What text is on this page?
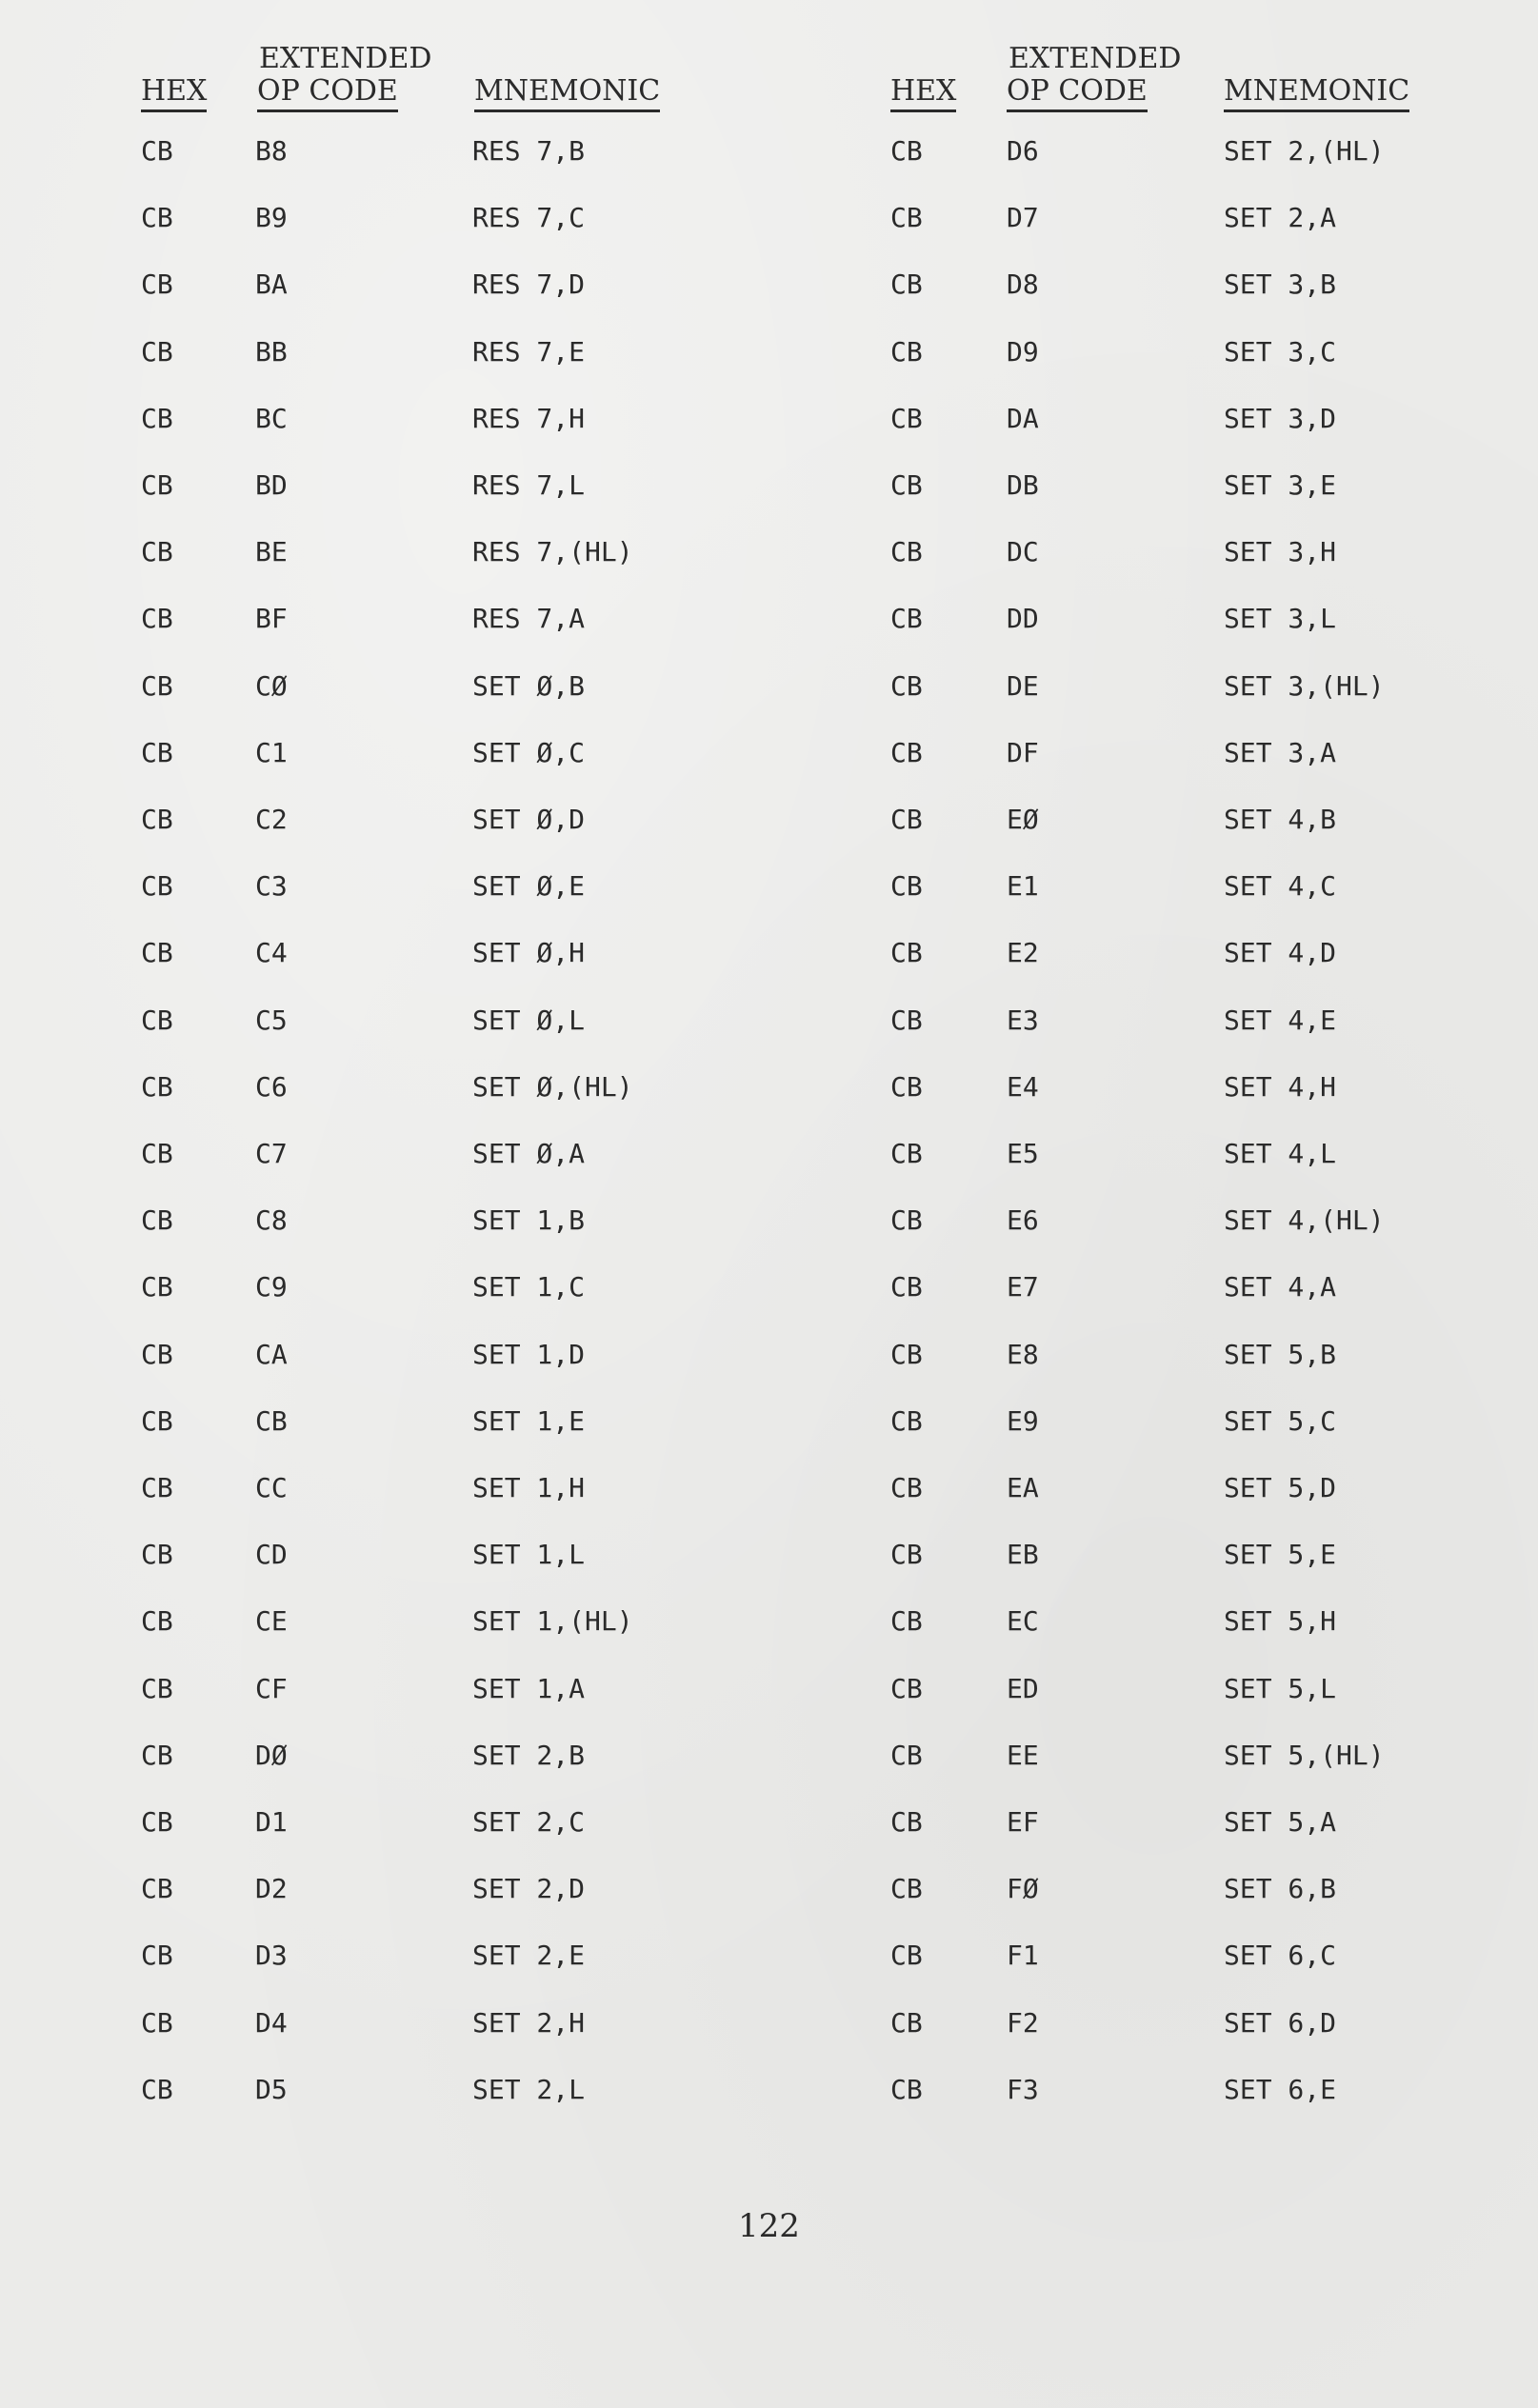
EXTENDED
HEX OP CODE	MNEMONIC
CB	B8	RES 7,B
CB	B9	RES 7,C
CB	BA	RES 7,D
CB	BB	RES 7,E
CB	BC	RES 7,H
CB	BD	RES 7,L
CB	BE	RES 7,(HL)
CB	BF	RES 7,A
CB	CØ	SET Ø,B
CB	C1	SET Ø,C
CB	C2	SET Ø,D
CB	C3	SET Ø,E
CB	C4	SET Ø,H
CB	C5	SET Ø,L
CB	C6	SET Ø,(HL)
CB	C7	SET Ø,A
CB	C8	SET 1,B
CB	C9	SET 1,C
CB	CA	SET 1,D
CB	CB	SET 1,E
CB	CC	SET 1,H
CB	CD	SET 1,L
CB	CE	SET 1,(HL)
CB	CF	SET 1,A
CB	DØ	SET 2,B
CB	D1	SET 2,C
CB	D2	SET 2,D
CB	D3	SET 2,E
CB	D4	SET 2,H
CB	D5	SET 2,L
EXTENDED
HEX OP CODE	MNEMONIC
CB	D6	SET 2,(HL)
CB	D7	SET 2,A
CB	D8	SET 3,B
CB	D9	SET 3,C
CB	DA	SET 3,D
CB	DB	SET 3,E
CB	DC	SET 3,H
CB	DD	SET 3,L
CB	DE	SET 3,(HL)
CB	DF	SET 3,A
CB	EØ	SET 4,B
CB	E1	SET 4,C
CB	E2	SET 4,D
CB	E3	SET 4,E
CB	E4	SET 4,H
CB	E5	SET 4,L
CB	E6	SET 4,(HL)
CB	E7	SET 4,A
CB	E8	SET 5,B
CB	E9	SET 5,C
CB	EA	SET 5,D
CB	EB	SET 5,E
CB	EC	SET 5,H
CB	ED	SET 5,L
CB	EE	SET 5,(HL)
CB	EF	SET 5,A
CB	FØ	SET 6,B
CB	F1	SET 6,C
CB	F2	SET 6,D
CB	F3	SET 6,E
122
